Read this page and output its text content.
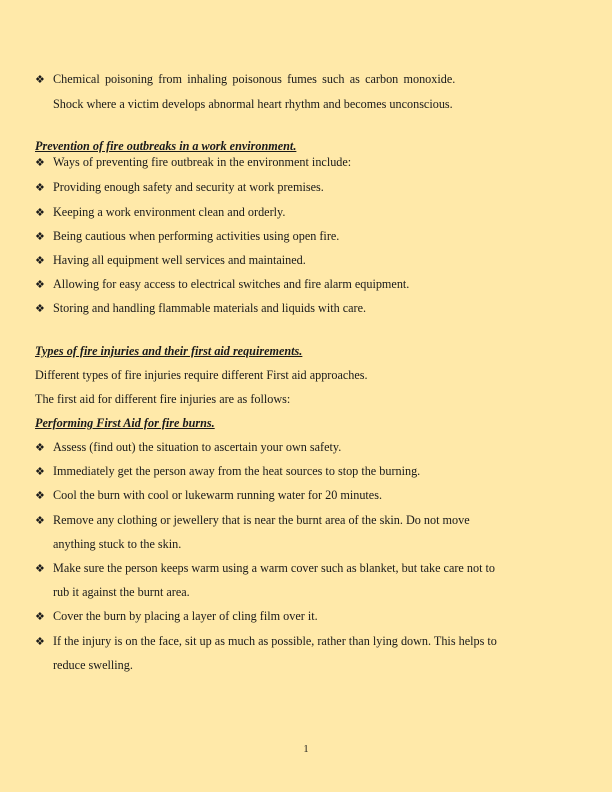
❖ Chemical poisoning from inhaling poisonous fumes such as carbon monoxide.
Shock where a victim develops abnormal heart rhythm and becomes unconscious.
Prevention of fire outbreaks in a work environment.
❖ Ways of preventing fire outbreak in the environment include:
❖ Providing enough safety and security at work premises.
❖ Keeping a work environment clean and orderly.
❖ Being cautious when performing activities using open fire.
❖ Having all equipment well services and maintained.
❖ Allowing for easy access to electrical switches and fire alarm equipment.
❖ Storing and handling flammable materials and liquids with care.
Types of fire injuries and their first aid requirements.
Different types of fire injuries require different First aid approaches.
The first aid for different fire injuries are as follows:
Performing First Aid for fire burns.
❖ Assess (find out) the situation to ascertain your own safety.
❖ Immediately get the person away from the heat sources to stop the burning.
❖ Cool the burn with cool or lukewarm running water for 20 minutes.
❖ Remove any clothing or jewellery that is near the burnt area of the skin. Do not move
anything stuck to the skin.
❖ Make sure the person keeps warm using a warm cover such as blanket, but take care not to
rub it against the burnt area.
❖ Cover the burn by placing a layer of cling film over it.
❖ If the injury is on the face, sit up as much as possible, rather than lying down. This helps to
reduce swelling.
1
